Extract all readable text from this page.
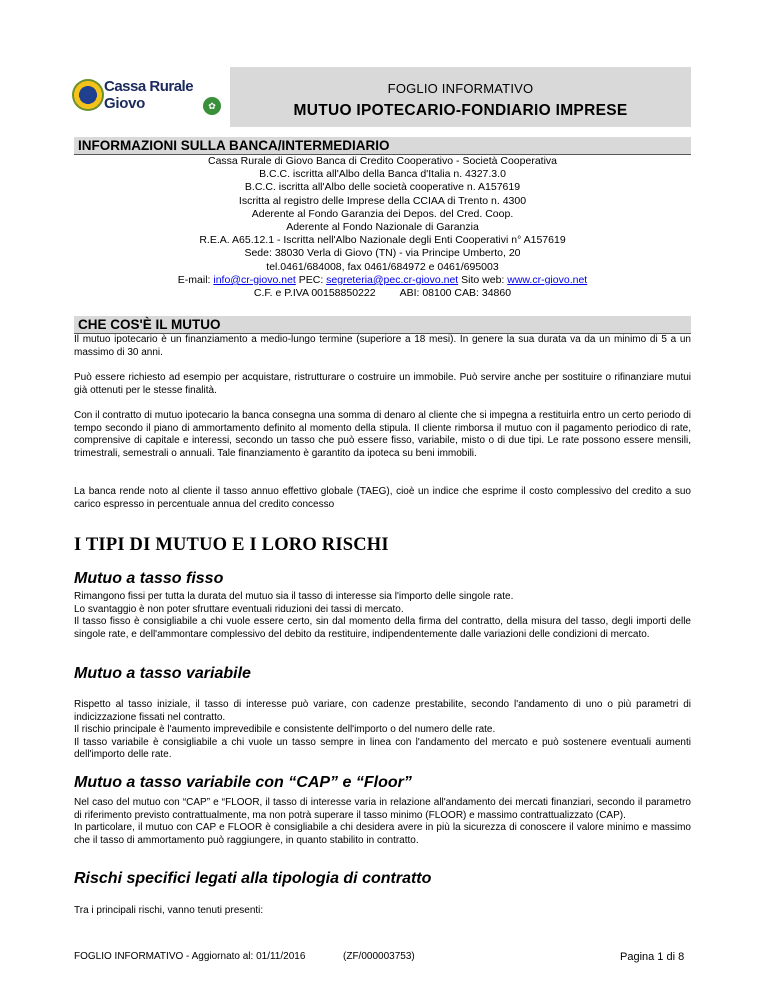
Cassa Rurale
Giovo	✿
FOGLIO INFORMATIVO
MUTUO IPOTECARIO-FONDIARIO IMPRESE
INFORMAZIONI SULLA BANCA/INTERMEDIARIO
Cassa Rurale di Giovo Banca di Credito Cooperativo - Società Cooperativa
B.C.C. iscritta all'Albo della Banca d'Italia n. 4327.3.0
B.C.C. iscritta all'Albo delle società cooperative n. A157619
Iscritta al registro delle Imprese della CCIAA di Trento n. 4300
Aderente al Fondo Garanzia dei Depos. del Cred. Coop.
Aderente al Fondo Nazionale di Garanzia
R.E.A. A65.12.1 - Iscritta nell'Albo Nazionale degli Enti Cooperativi n° A157619
Sede: 38030 Verla di Giovo (TN) - via Principe Umberto, 20
tel.0461/684008, fax 0461/684972 e 0461/695003
E-mail: info@cr-giovo.net PEC: segreteria@pec.cr-giovo.net Sito web: www.cr-giovo.net
C.F. e P.IVA 00158850222 ABI: 08100 CAB: 34860
CHE COS'È IL MUTUO
Il mutuo ipotecario è un finanziamento a medio-lungo termine (superiore a 18 mesi). In genere la sua durata va da un minimo di 5 a un massimo di 30 anni.
Può essere richiesto ad esempio per acquistare, ristrutturare o costruire un immobile. Può servire anche per sostituire o rifinanziare mutui già ottenuti per le stesse finalità.
Con il contratto di mutuo ipotecario la banca consegna una somma di denaro al cliente che si impegna a restituirla entro un certo periodo di tempo secondo il piano di ammortamento definito al momento della stipula. Il cliente rimborsa il mutuo con il pagamento periodico di rate, comprensive di capitale e interessi, secondo un tasso che può essere fisso, variabile, misto o di due tipi. Le rate possono essere mensili, trimestrali, semestrali o annuali. Tale finanziamento è garantito da ipoteca su beni immobili.
La banca rende noto al cliente il tasso annuo effettivo globale (TAEG), cioè un indice che esprime il costo complessivo del credito a suo carico espresso in percentuale annua del credito concesso
I TIPI DI MUTUO E I LORO RISCHI
Mutuo a tasso fisso
Rimangono fissi per tutta la durata del mutuo sia il tasso di interesse sia l'importo delle singole rate.
Lo svantaggio è non poter sfruttare eventuali riduzioni dei tassi di mercato.
Il tasso fisso è consigliabile a chi vuole essere certo, sin dal momento della firma del contratto, della misura del tasso, degli importi delle singole rate, e dell'ammontare complessivo del debito da restituire, indipendentemente dalle variazioni delle condizioni di mercato.
Mutuo a tasso variabile
Rispetto al tasso iniziale, il tasso di interesse può variare, con cadenze prestabilite, secondo l'andamento di uno o più parametri di indicizzazione fissati nel contratto.
Il rischio principale è l'aumento imprevedibile e consistente dell'importo o del numero delle rate.
Il tasso variabile è consigliabile a chi vuole un tasso sempre in linea con l'andamento del mercato e può sostenere eventuali aumenti dell'importo delle rate.
Mutuo a tasso variabile con “CAP” e “Floor”
Nel caso del mutuo con “CAP” e “FLOOR, il tasso di interesse varia in relazione all'andamento dei mercati finanziari, secondo il parametro di riferimento previsto contrattualmente, ma non potrà superare il tasso minimo (FLOOR) e massimo contrattualizzato (CAP).
In particolare, il mutuo con CAP e FLOOR è consigliabile a chi desidera avere in più la sicurezza di conoscere il valore minimo e massimo che il tasso di ammortamento può raggiungere, in quanto stabilito in contratto.
Rischi specifici legati alla tipologia di contratto
Tra i principali rischi, vanno tenuti presenti:
FOGLIO INFORMATIVO - Aggiornato al: 01/11/2016	(ZF/000003753)	Pagina 1 di 8
